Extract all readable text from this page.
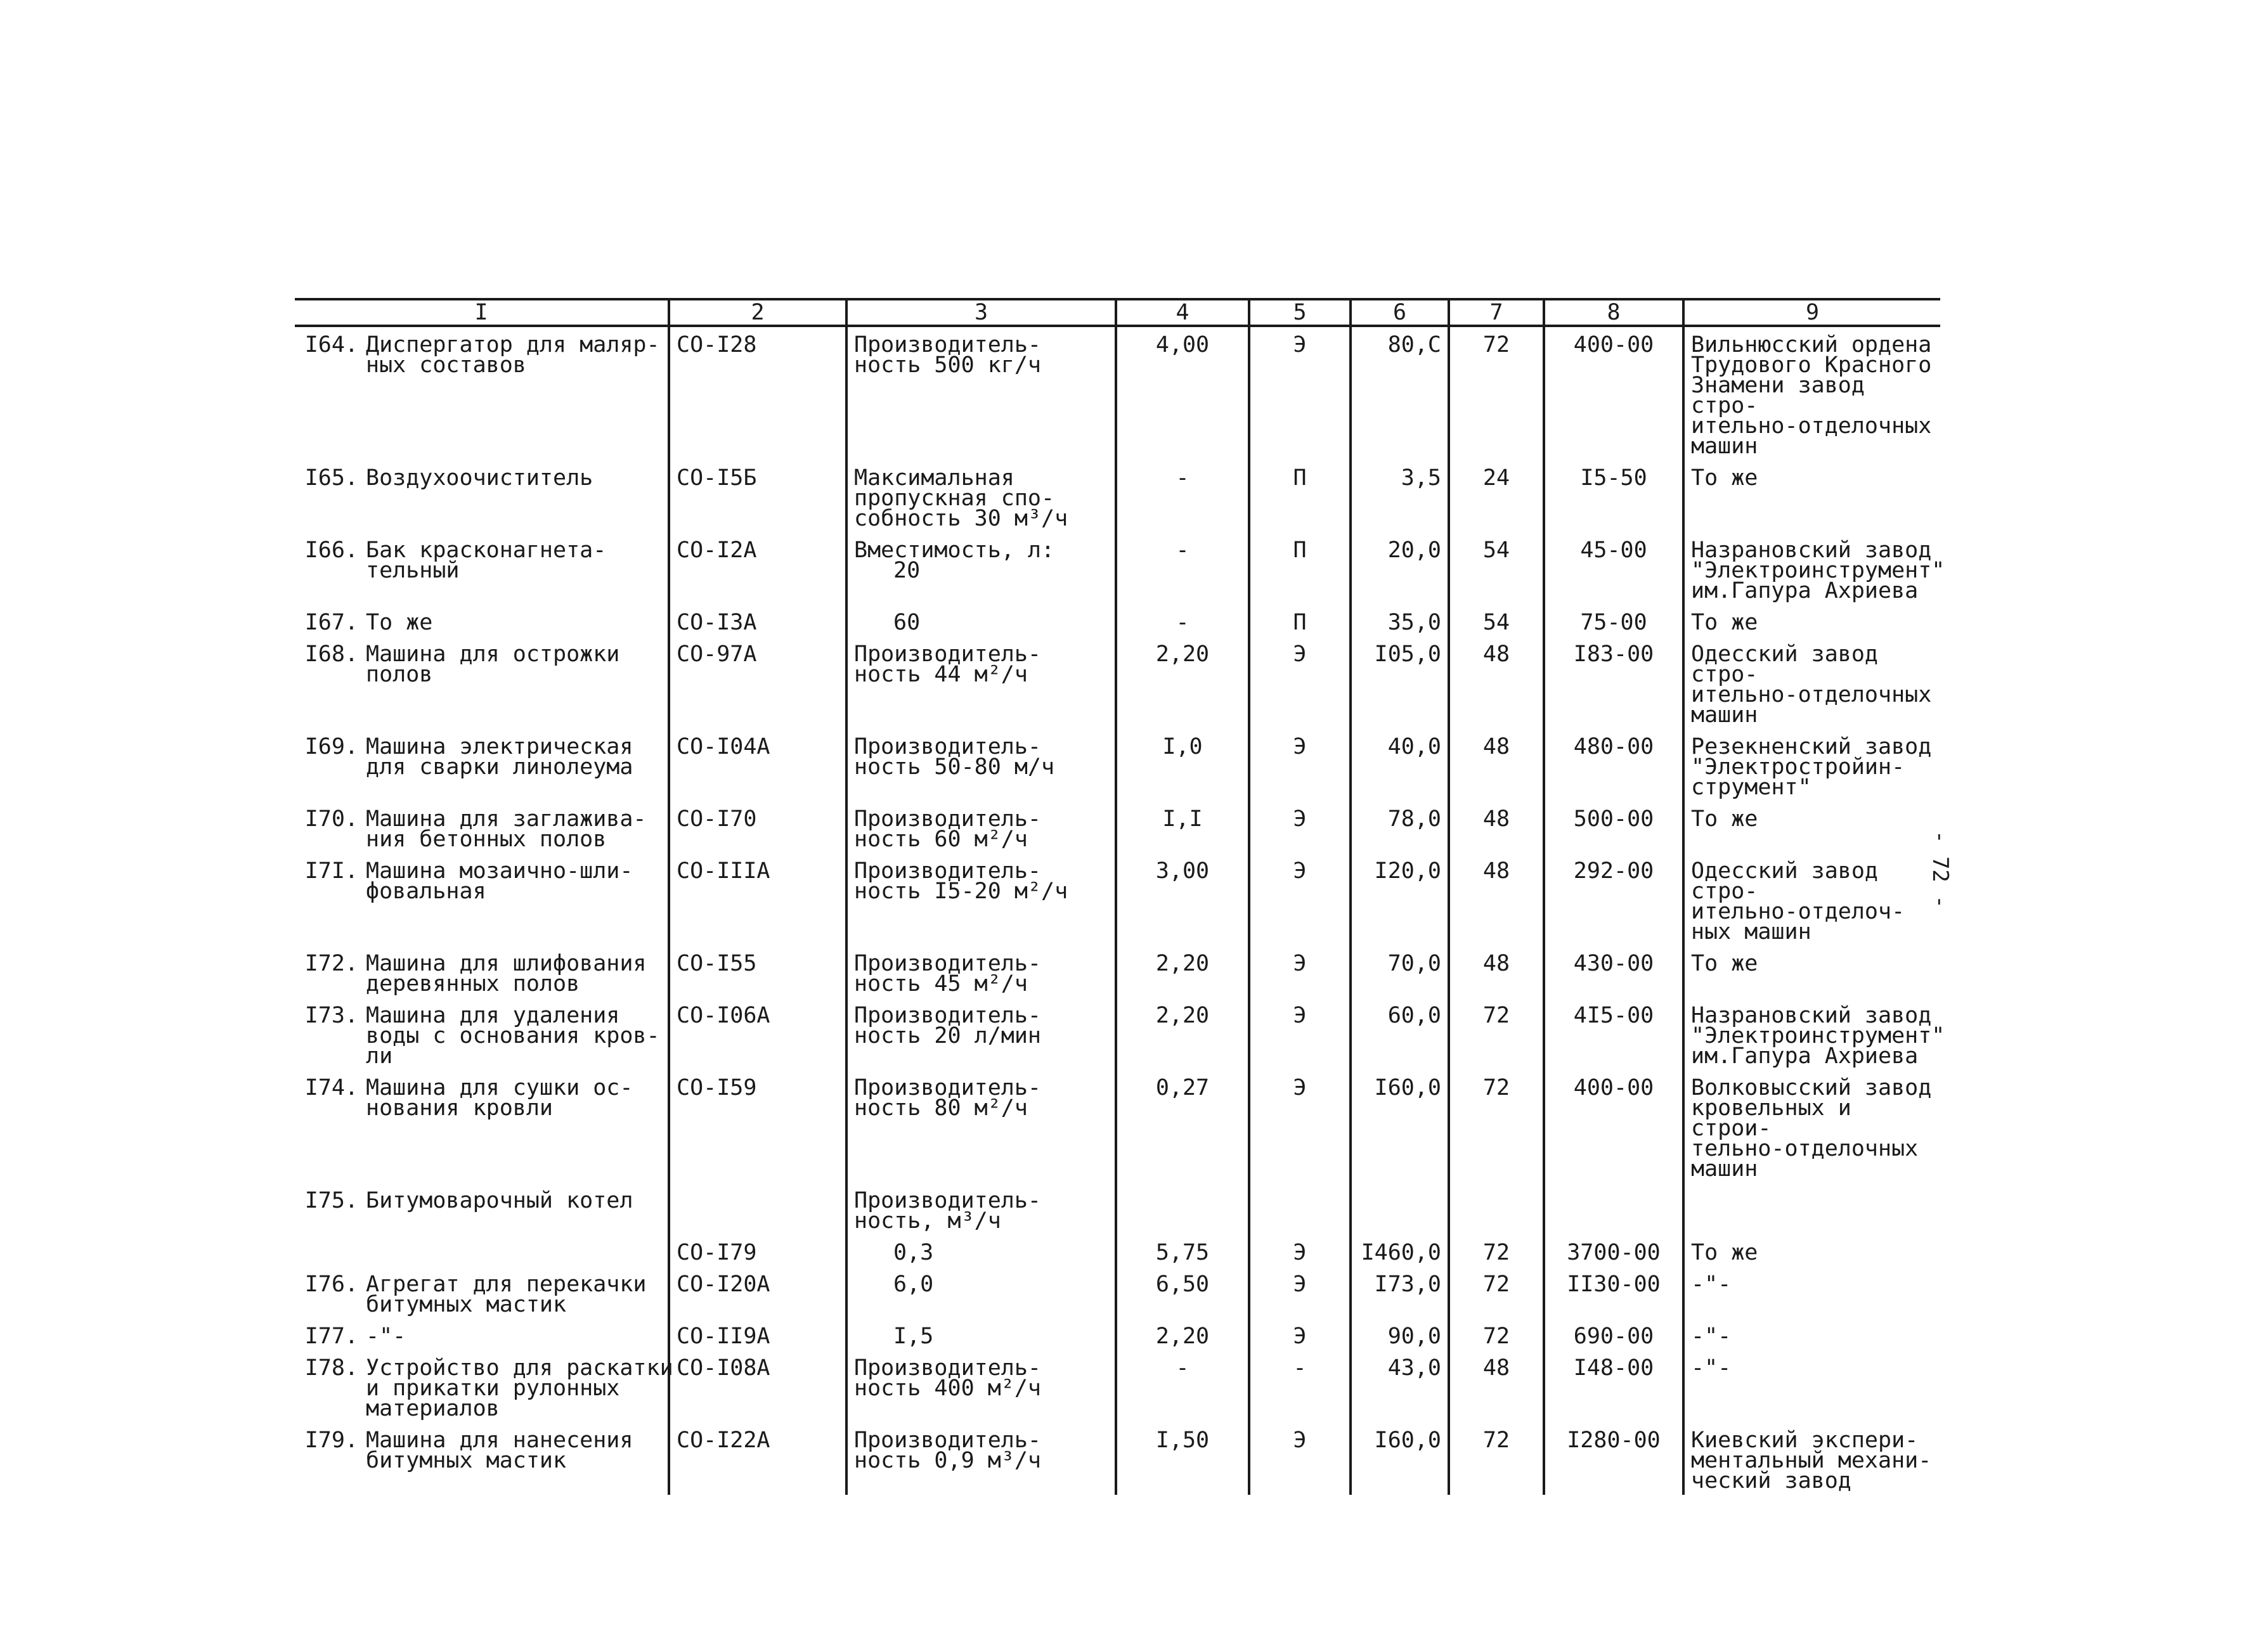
I	2	3	4	5	6	7	8	9
I64. Диспергатор для маляр-
ных составов	СО-I28	Производитель-
ность 500 кг/ч	4,00	Э	80,С	72	400-00	Вильнюсский ордена
Трудового Красного
Знамени завод стро-
ительно-отделочных
машин

I65. Воздухоочиститель	СО-I5Б	Максимальная
пропускная спо-
собность 30 м³/ч	-	П	3,5	24	I5-50	То же

I66. Бак красконагнета-
тельный	СО-I2А	Вместимость, л:
20	-	П	20,0	54	45-00	Назрановский завод
"Электроинструмент"
им.Гапура Ахриева

I67. То же	СО-I3А	60	-	П	35,0	54	75-00	То же

I68. Машина для острожки
полов	СО-97А	Производитель-
ность 44 м²/ч	2,20	Э	I05,0	48	I83-00	Одесский завод стро-
ительно-отделочных
машин

I69. Машина электрическая
для сварки линолеума	СО-I04А	Производитель-
ность 50-80 м/ч	I,0	Э	40,0	48	480-00	Резекненский завод
"Электростройин-
струмент"

I70. Машина для заглажива-
ния бетонных полов	СО-I70	Производитель-
ность 60 м²/ч	I,I	Э	78,0	48	500-00	То же

I7I. Машина мозаично-шли-
фовальная	СО-IIIА	Производитель-
ность I5-20 м²/ч	3,00	Э	I20,0	48	292-00	Одесский завод стро-
ительно-отделоч-
ных машин

I72. Машина для шлифования
деревянных полов	СО-I55	Производитель-
ность 45 м²/ч	2,20	Э	70,0	48	430-00	То же

I73. Машина для удаления
воды с основания кров-
ли	СО-I06А	Производитель-
ность 20 л/мин	2,20	Э	60,0	72	4I5-00	Назрановский завод
"Электроинструмент"
им.Гапура Ахриева

I74. Машина для сушки ос-
нования кровли	СО-I59	Производитель-
ность 80 м²/ч	0,27	Э	I60,0	72	400-00	Волковысский завод
кровельных и строи-
тельно-отделочных
машин

I75. Битумоварочный котел		Производитель-
ность, м³/ч						

	СО-I79	0,3	5,75	Э	I460,0	72	3700-00	То же

I76. Агрегат для перекачки
битумных мастик	СО-I20А	6,0	6,50	Э	I73,0	72	II30-00	-"-

I77. -"-	СО-II9А	I,5	2,20	Э	90,0	72	690-00	-"-

I78. Устройство для раскатки
и прикатки рулонных
материалов	СО-I08А	Производитель-
ность 400 м²/ч	-	-	43,0	48	I48-00	-"-

I79. Машина для нанесения
битумных мастик	СО-I22А	Производитель-
ность 0,9 м³/ч	I,50	Э	I60,0	72	I280-00	Киевский экспери-
ментальный механи-
ческий завод
- 72 -
